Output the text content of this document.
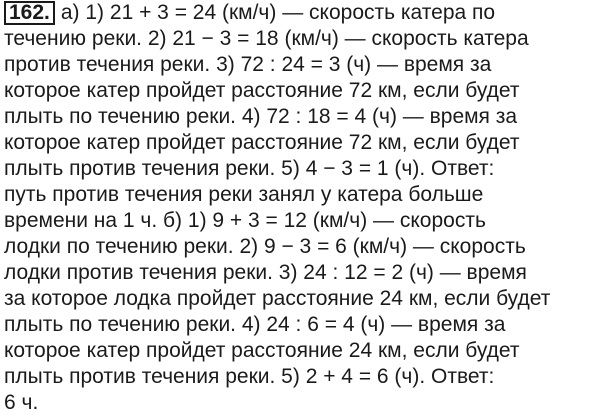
162. а) 1) 21 + 3 = 24 (км/ч) — скорость катера по
течению реки. 2) 21 − 3 = 18 (км/ч) — скорость катера
против течения реки. 3) 72 : 24 = 3 (ч) — время за
которое катер пройдет расстояние 72 км, если будет
плыть по течению реки. 4) 72 : 18 = 4 (ч) — время за
которое катер пройдет расстояние 72 км, если будет
плыть против течения реки. 5) 4 − 3 = 1 (ч). Ответ:
путь против течения реки занял у катера больше
времени на 1 ч. б) 1) 9 + 3 = 12 (км/ч) — скорость
лодки по течению реки. 2) 9 − 3 = 6 (км/ч) — скорость
лодки против течения реки. 3) 24 : 12 = 2 (ч) — время
за которое лодка пройдет расстояние 24 км, если будет
плыть по течению реки. 4) 24 : 6 = 4 (ч) — время за
которое катер пройдет расстояние 24 км, если будет
плыть против течения реки. 5) 2 + 4 = 6 (ч). Ответ:
6 ч.
